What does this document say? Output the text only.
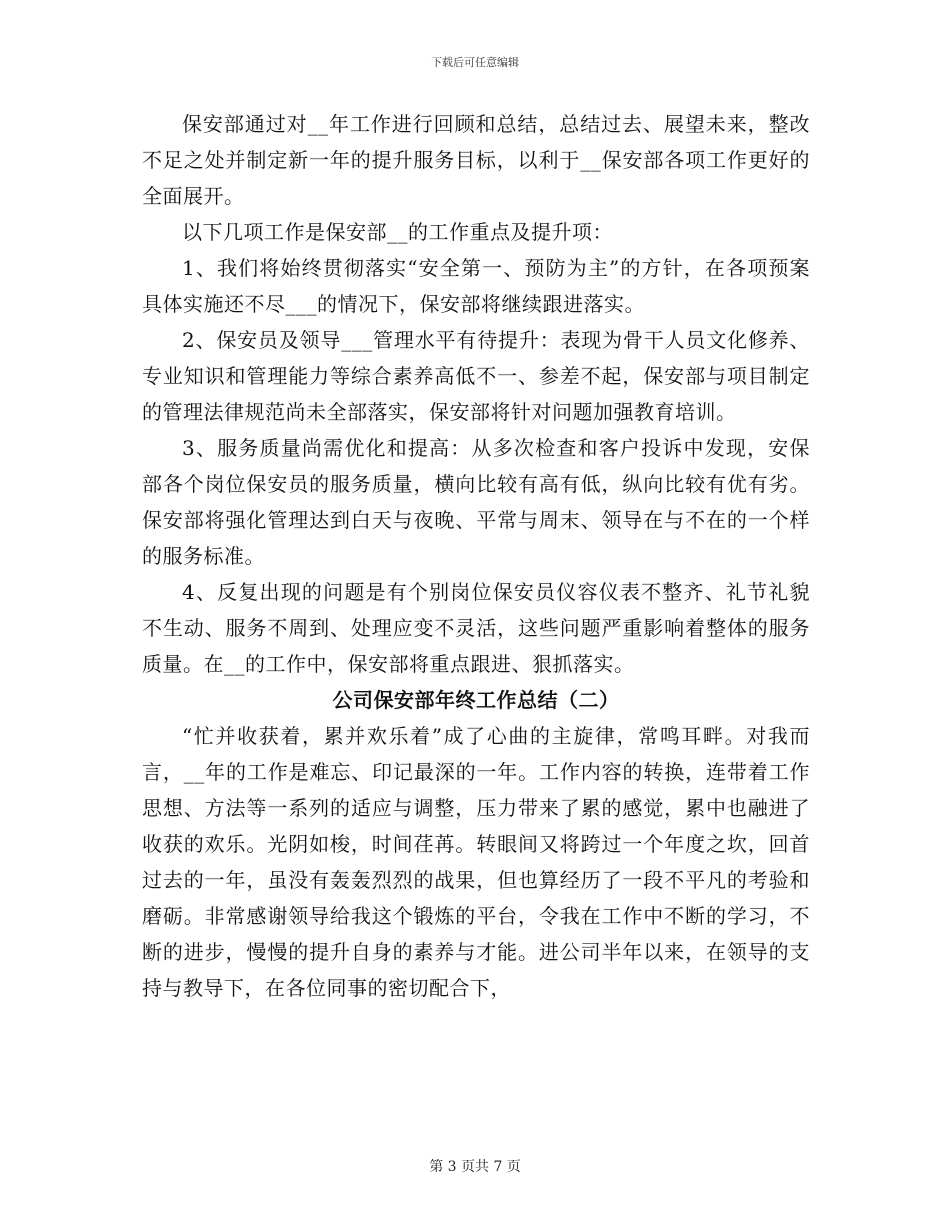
下载后可任意编辑

保安部通过对__年工作进行回顾和总结，总结过去、展望未来，整改不足之处并制定新一年的提升服务目标，以利于__保安部各项工作更好的全面展开。

以下几项工作是保安部__的工作重点及提升项：

1、我们将始终贯彻落实“安全第一、预防为主”的方针，在各项预案具体实施还不尽___的情况下，保安部将继续跟进落实。

2、保安员及领导___管理水平有待提升：表现为骨干人员文化修养、专业知识和管理能力等综合素养高低不一、参差不起，保安部与项目制定的管理法律规范尚未全部落实，保安部将针对问题加强教育培训。

3、服务质量尚需优化和提高：从多次检查和客户投诉中发现，安保部各个岗位保安员的服务质量，横向比较有高有低，纵向比较有优有劣。保安部将强化管理达到白天与夜晚、平常与周末、领导在与不在的一个样的服务标准。

4、反复出现的问题是有个别岗位保安员仪容仪表不整齐、礼节礼貌不生动、服务不周到、处理应变不灵活，这些问题严重影响着整体的服务质量。在__的工作中，保安部将重点跟进、狠抓落实。

公司保安部年终工作总结（二）

“忙并收获着，累并欢乐着”成了心曲的主旋律，常鸣耳畔。对我而言，__年的工作是难忘、印记最深的一年。工作内容的转换，连带着工作思想、方法等一系列的适应与调整，压力带来了累的感觉，累中也融进了收获的欢乐。光阴如梭，时间荏苒。转眼间又将跨过一个年度之坎，回首过去的一年，虽没有轰轰烈烈的战果，但也算经历了一段不平凡的考验和磨砺。非常感谢领导给我这个锻炼的平台，令我在工作中不断的学习，不断的进步，慢慢的提升自身的素养与才能。进公司半年以来，在领导的支持与教导下，在各位同事的密切配合下，

第 3 页共 7 页
